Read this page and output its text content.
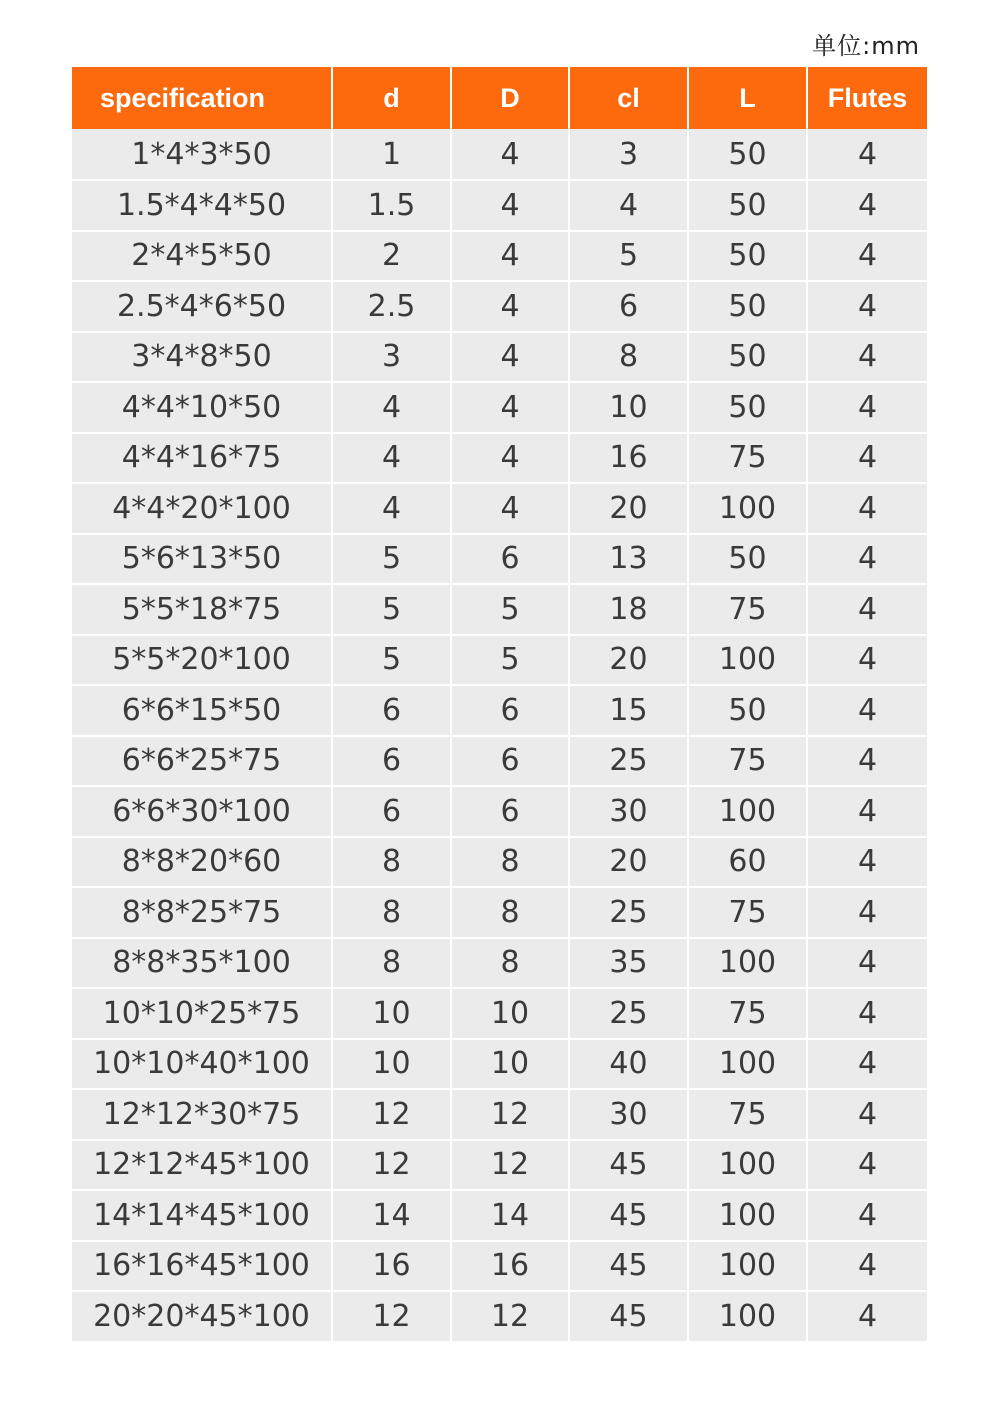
单位:mm
specification	d	D	cl	L	Flutes
1*4*3*50	1	4	3	50	4
1.5*4*4*50	1.5	4	4	50	4
2*4*5*50	2	4	5	50	4
2.5*4*6*50	2.5	4	6	50	4
3*4*8*50	3	4	8	50	4
4*4*10*50	4	4	10	50	4
4*4*16*75	4	4	16	75	4
4*4*20*100	4	4	20	100	4
5*6*13*50	5	6	13	50	4
5*5*18*75	5	5	18	75	4
5*5*20*100	5	5	20	100	4
6*6*15*50	6	6	15	50	4
6*6*25*75	6	6	25	75	4
6*6*30*100	6	6	30	100	4
8*8*20*60	8	8	20	60	4
8*8*25*75	8	8	25	75	4
8*8*35*100	8	8	35	100	4
10*10*25*75	10	10	25	75	4
10*10*40*100	10	10	40	100	4
12*12*30*75	12	12	30	75	4
12*12*45*100	12	12	45	100	4
14*14*45*100	14	14	45	100	4
16*16*45*100	16	16	45	100	4
20*20*45*100	12	12	45	100	4
